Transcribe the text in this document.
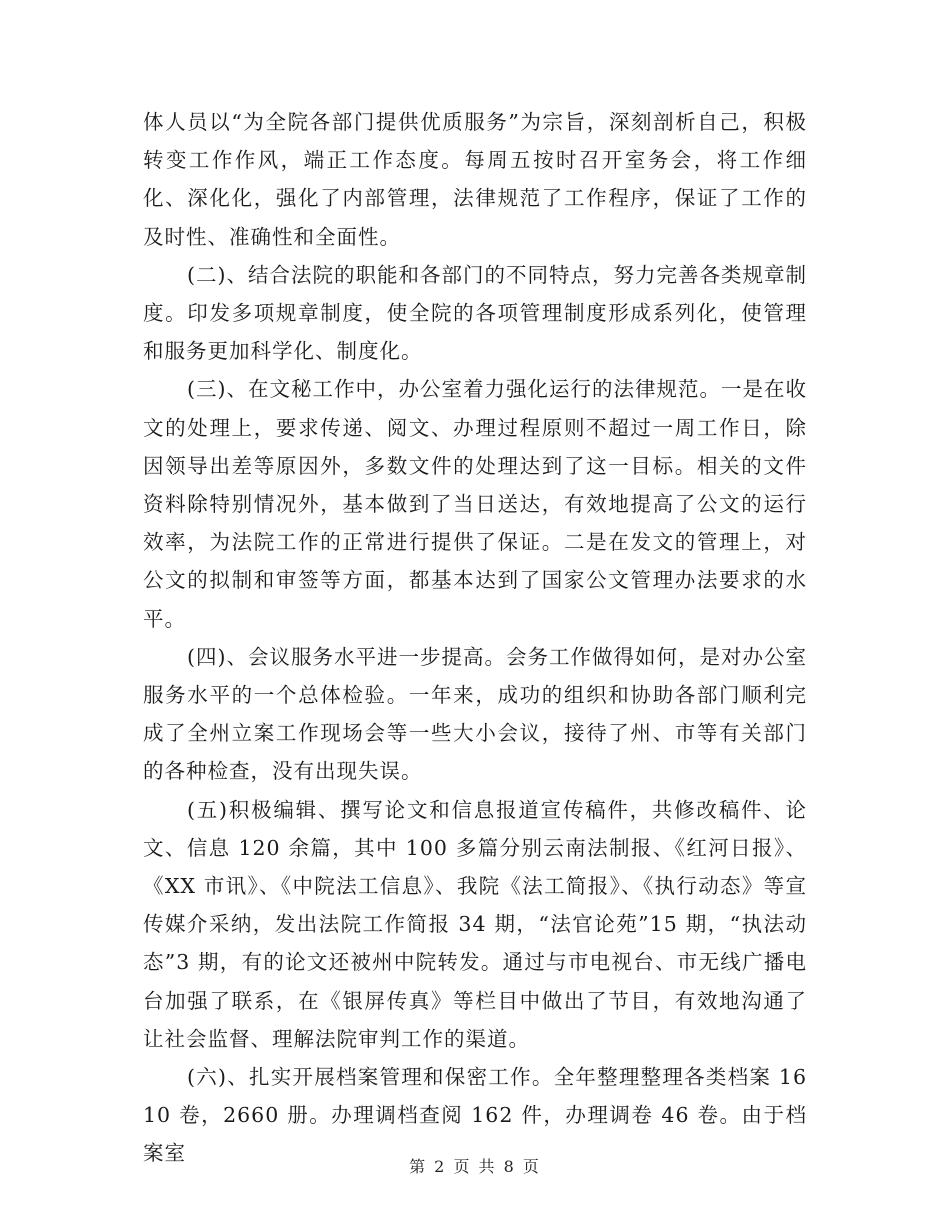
体人员以“为全院各部门提供优质服务”为宗旨，深刻剖析自己，积极转变工作作风，端正工作态度。每周五按时召开室务会，将工作细化、深化化，强化了内部管理，法律规范了工作程序，保证了工作的及时性、准确性和全面性。

(二)、结合法院的职能和各部门的不同特点，努力完善各类规章制度。印发多项规章制度，使全院的各项管理制度形成系列化，使管理和服务更加科学化、制度化。

(三)、在文秘工作中，办公室着力强化运行的法律规范。一是在收文的处理上，要求传递、阅文、办理过程原则不超过一周工作日，除因领导出差等原因外，多数文件的处理达到了这一目标。相关的文件资料除特别情况外，基本做到了当日送达，有效地提高了公文的运行效率，为法院工作的正常进行提供了保证。二是在发文的管理上，对公文的拟制和审签等方面，都基本达到了国家公文管理办法要求的水平。

(四)、会议服务水平进一步提高。会务工作做得如何，是对办公室服务水平的一个总体检验。一年来，成功的组织和协助各部门顺利完成了全州立案工作现场会等一些大小会议，接待了州、市等有关部门的各种检查，没有出现失误。

(五)积极编辑、撰写论文和信息报道宣传稿件，共修改稿件、论文、信息 120 余篇，其中 100 多篇分别云南法制报、《红河日报》、《XX 市讯》、《中院法工信息》、我院《法工简报》、《执行动态》等宣传媒介采纳，发出法院工作简报 34 期，“法官论苑”15 期，“执法动态”3 期，有的论文还被州中院转发。通过与市电视台、市无线广播电台加强了联系，在《银屏传真》等栏目中做出了节目，有效地沟通了让社会监督、理解法院审判工作的渠道。

(六)、扎实开展档案管理和保密工作。全年整理整理各类档案 1610 卷，2660 册。办理调档查阅 162 件，办理调卷 46 卷。由于档案室

第 2 页 共 8 页
